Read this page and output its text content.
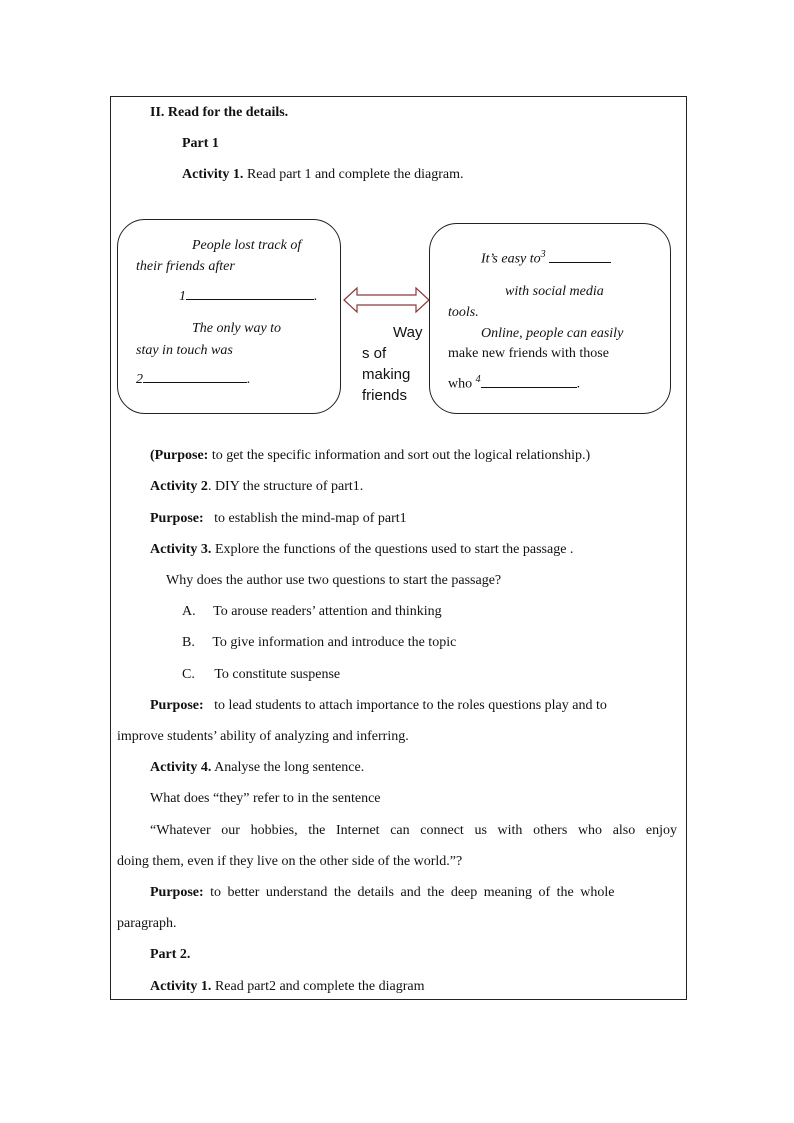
II. Read for the details.
Part 1
Activity 1. Read part 1 and complete the diagram.
People lost track of
their friends after
1	.
The only way to
stay in touch was
2	.
Way
s of
making
friends
It’s easy $to^3$
with social media
tools.
Online, people can easily
make new friends with those
who $^4$	.
(Purpose: to get the specific information and sort out the logical relationship.)
Activity 2. DIY the structure of part1.
Purpose:   to establish the mind-map of part1
Activity 3. Explore the functions of the questions used to start the passage .
Why does the author use two questions to start the passage?
A. To arouse readers’ attention and thinking
B. To give information and introduce the topic
C. To constitute suspense
Purpose: to lead students to attach importance to the roles questions play and to
improve students’ ability of analyzing and inferring.
Activity 4. Analyse the long sentence.
What does “they” refer to in the sentence
“Whatever our hobbies, the Internet can connect us with others who also enjoy
doing them, even if they live on the other side of the world.”?
Purpose: to better understand the details and the deep meaning of the whole
paragraph.
Part 2.
Activity 1. Read part2 and complete the diagram
